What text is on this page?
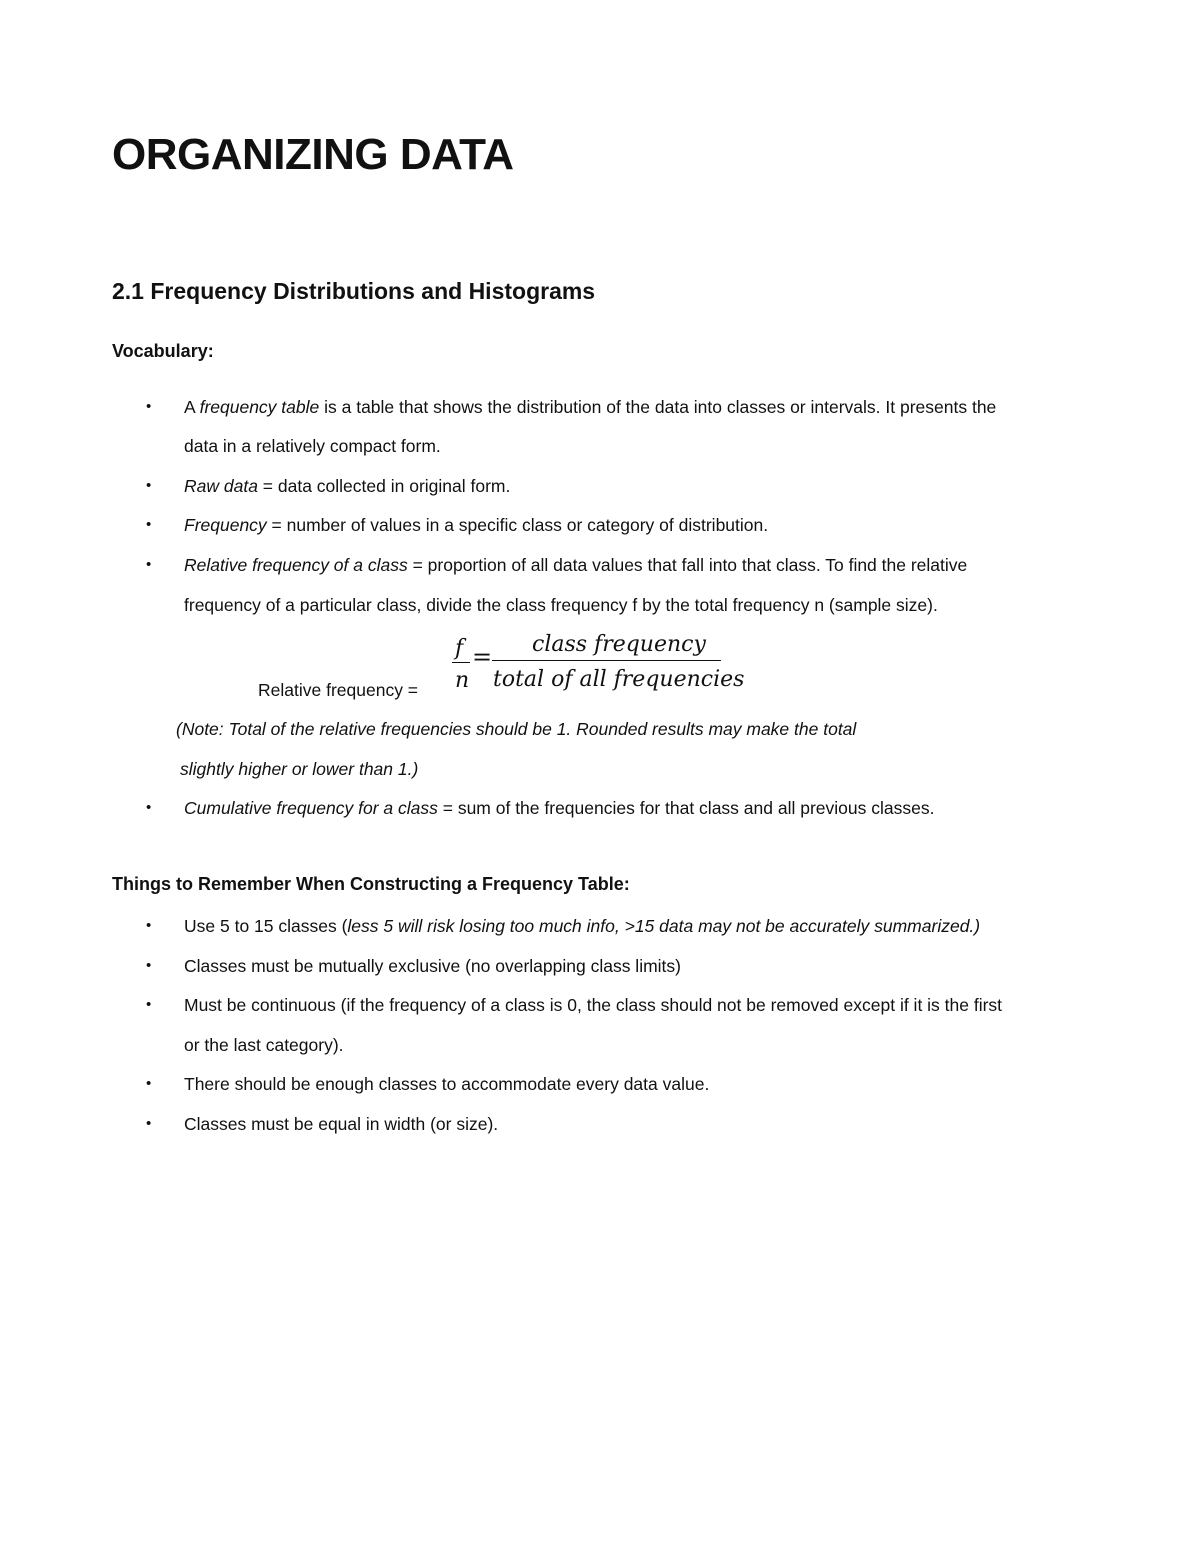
ORGANIZING DATA
2.1 Frequency Distributions and Histograms
Vocabulary:
• A frequency table is a table that shows the distribution of the data into classes or intervals. It presents the
data in a relatively compact form.
• Raw data = data collected in original form.
• Frequency = number of values in a specific class or category of distribution.
• Relative frequency of a class = proportion of all data values that fall into that class. To find the relative
frequency of a particular class, divide the class frequency f by the total frequency n (sample size).
Relative frequency =
f
n
= class frequency
total of all frequencies
(Note: Total of the relative frequencies should be 1. Rounded results may make the total
slightly higher or lower than 1.)
• Cumulative frequency for a class = sum of the frequencies for that class and all previous classes.
Things to Remember When Constructing a Frequency Table:
• Use 5 to 15 classes (less 5 will risk losing too much info, >15 data may not be accurately summarized.)
• Classes must be mutually exclusive (no overlapping class limits)
• Must be continuous (if the frequency of a class is 0, the class should not be removed except if it is the first
or the last category).
• There should be enough classes to accommodate every data value.
• Classes must be equal in width (or size).
